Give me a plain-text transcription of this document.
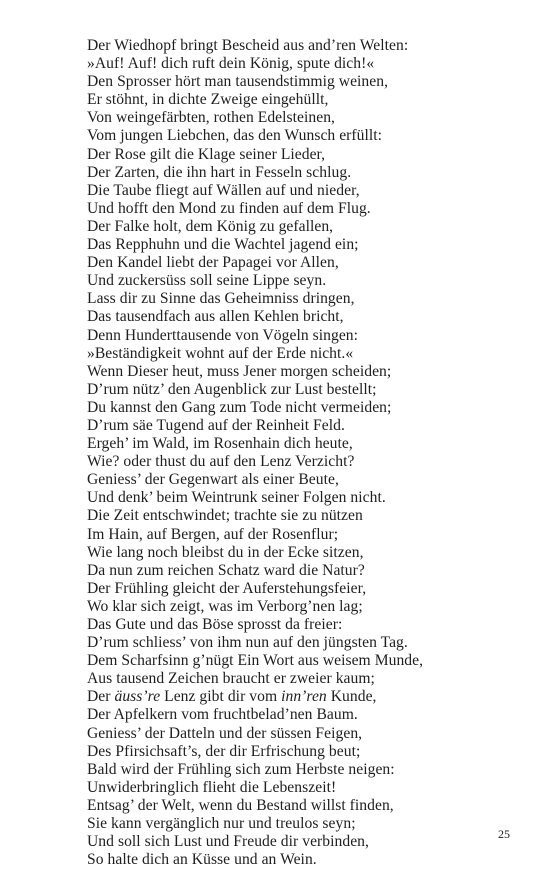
Der Wiedhopf bringt Bescheid aus and’ren Welten:
»Auf! Auf! dich ruft dein König, spute dich!«
Den Sprosser hört man tausendstimmig weinen,
Er stöhnt, in dichte Zweige eingehüllt,
Von weingefärbten, rothen Edelsteinen,
Vom jungen Liebchen, das den Wunsch erfüllt:
Der Rose gilt die Klage seiner Lieder,
Der Zarten, die ihn hart in Fesseln schlug.
Die Taube fliegt auf Wällen auf und nieder,
Und hofft den Mond zu finden auf dem Flug.
Der Falke holt, dem König zu gefallen,
Das Repphuhn und die Wachtel jagend ein;
Den Kandel liebt der Papagei vor Allen,
Und zuckersüss soll seine Lippe seyn.
Lass dir zu Sinne das Geheimniss dringen,
Das tausendfach aus allen Kehlen bricht,
Denn Hunderttausende von Vögeln singen:
»Beständigkeit wohnt auf der Erde nicht.«
Wenn Dieser heut, muss Jener morgen scheiden;
D’rum nütz’ den Augenblick zur Lust bestellt;
Du kannst den Gang zum Tode nicht vermeiden;
D’rum säe Tugend auf der Reinheit Feld.
Ergeh’ im Wald, im Rosenhain dich heute,
Wie? oder thust du auf den Lenz Verzicht?
Geniess’ der Gegenwart als einer Beute,
Und denk’ beim Weintrunk seiner Folgen nicht.
Die Zeit entschwindet; trachte sie zu nützen
Im Hain, auf Bergen, auf der Rosenflur;
Wie lang noch bleibst du in der Ecke sitzen,
Da nun zum reichen Schatz ward die Natur?
Der Frühling gleicht der Auferstehungsfeier,
Wo klar sich zeigt, was im Verborg’nen lag;
Das Gute und das Böse sprosst da freier:
D’rum schliess’ von ihm nun auf den jüngsten Tag.
Dem Scharfsinn g’nügt Ein Wort aus weisem Munde,
Aus tausend Zeichen braucht er zweier kaum;
Der äuss’re Lenz gibt dir vom inn’ren Kunde,
Der Apfelkern vom fruchtbelad’nen Baum.
Geniess’ der Datteln und der süssen Feigen,
Des Pfirsichsaft’s, der dir Erfrischung beut;
Bald wird der Frühling sich zum Herbste neigen:
Unwiderbringlich flieht die Lebenszeit!
Entsag’ der Welt, wenn du Bestand willst finden,
Sie kann vergänglich nur und treulos seyn;
Und soll sich Lust und Freude dir verbinden,
So halte dich an Küsse und an Wein.
25
